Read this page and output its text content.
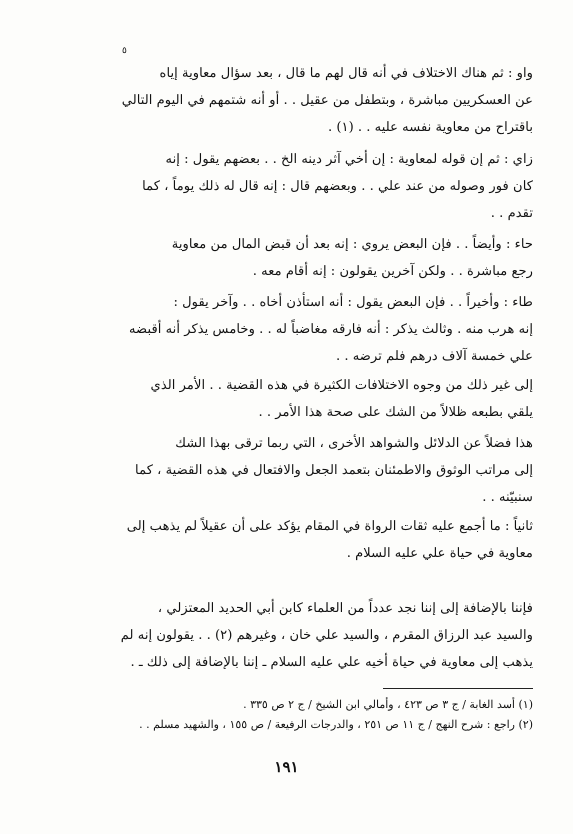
٥
واو : ثم هناك الاختلاف في أنه قال لهم ما قال ، بعد سؤال معاوية إياه
عن العسكريين مباشرة ، وبتطفل من عقيل . . أو أنه شتمهم في اليوم التالي
باقتراح من معاوية نفسه عليه . . (١) .
زاي : ثم إن قوله لمعاوية : إن أخي آثر دينه الخ . . بعضهم يقول : إنه
كان فور وصوله من عند علي . . وبعضهم قال : إنه قال له ذلك يوماً ، كما
تقدم . .
حاء : وأيضاً . . فإن البعض يروي : إنه بعد أن قبض المال من معاوية
رجع مباشرة . . ولكن آخرين يقولون : إنه أقام معه .
طاء : وأخيراً . . فإن البعض يقول : أنه استأذن أخاه . . وآخر يقول :
إنه هرب منه . وثالث يذكر : أنه فارقه مغاضباً له . . وخامس يذكر أنه أقبضه
علي خمسة آلاف درهم فلم ترضه . .
إلى غير ذلك من وجوه الاختلافات الكثيرة في هذه القضية . . الأمر الذي
يلقي بطبعه ظلالاً من الشك على صحة هذا الأمر . .
هذا فضلاً عن الدلائل والشواهد الأخرى ، التي ربما ترقى بهذا الشك
إلى مراتب الوثوق والاطمئنان بتعمد الجعل والافتعال في هذه القضية ، كما
سنبيّنه . .
ثانياً : ما أجمع عليه ثقات الرواة في المقام يؤكد على أن عقيلاً لم يذهب إلى
معاوية في حياة علي عليه السلام .
فإننا بالإضافة إلى إننا نجد عدداً من العلماء كابن أبي الحديد المعتزلي ،
والسيد عبد الرزاق المقرم ، والسيد علي خان ، وغيرهم (٢) . . يقولون إنه لم
يذهب إلى معاوية في حياة أخيه علي عليه السلام ـ إننا بالإضافة إلى ذلك ـ .
(١) أسد الغابة / ج ٣ ص ٤٢٣ ، وأمالي ابن الشيخ / ج ٢ ص ٣٣٥ .
(٢) راجع : شرح النهج / ج ١١ ص ٢٥١ ، والدرجات الرفيعة / ص ١٥٥ ، والشهيد مسلم . .
١٩١
